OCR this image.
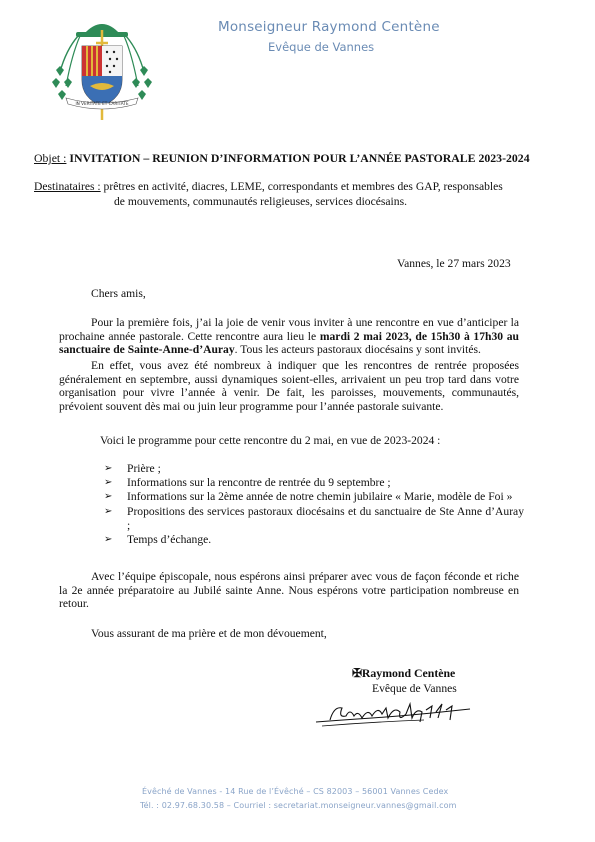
IN VERITATE ET CARITATE
Monseigneur Raymond Centène
Evêque de Vannes
Objet : INVITATION – REUNION D’INFORMATION POUR L’ANNÉE PASTORALE 2023-2024
Destinataires : prêtres en activité, diacres, LEME, correspondants et membres des GAP, responsables
de mouvements, communautés religieuses, services diocésains.
Vannes, le 27 mars 2023
Chers amis,
Pour la première fois, j’ai la joie de venir vous inviter à une rencontre en vue d’anticiper la prochaine année pastorale. Cette rencontre aura lieu le mardi 2 mai 2023, de 15h30 à 17h30 au sanctuaire de Sainte-Anne-d’Auray. Tous les acteurs pastoraux diocésains y sont invités.
En effet, vous avez été nombreux à indiquer que les rencontres de rentrée proposées généralement en septembre, aussi dynamiques soient-elles, arrivaient un peu trop tard dans votre organisation pour vivre l’année à venir. De fait, les paroisses, mouvements, communautés, prévoient souvent dès mai ou juin leur programme pour l’année pastorale suivante.
Voici le programme pour cette rencontre du 2 mai, en vue de 2023-2024 :
➢ Prière ;
➢ Informations sur la rencontre de rentrée du 9 septembre ;
➢ Informations sur la 2ème année de notre chemin jubilaire « Marie, modèle de Foi »
➢ Propositions des services pastoraux diocésains et du sanctuaire de Ste Anne d’Auray ;
➢ Temps d’échange.
Avec l’équipe épiscopale, nous espérons ainsi préparer avec vous de façon féconde et riche la 2e année préparatoire au Jubilé sainte Anne. Nous espérons votre participation nombreuse en retour.
Vous assurant de ma prière et de mon dévouement,
✠Raymond Centène
Evêque de Vannes
Évêché de Vannes - 14 Rue de l’Évêché – CS 82003 – 56001 Vannes Cedex
Tél. : 02.97.68.30.58 – Courriel : secretariat.monseigneur.vannes@gmail.com
